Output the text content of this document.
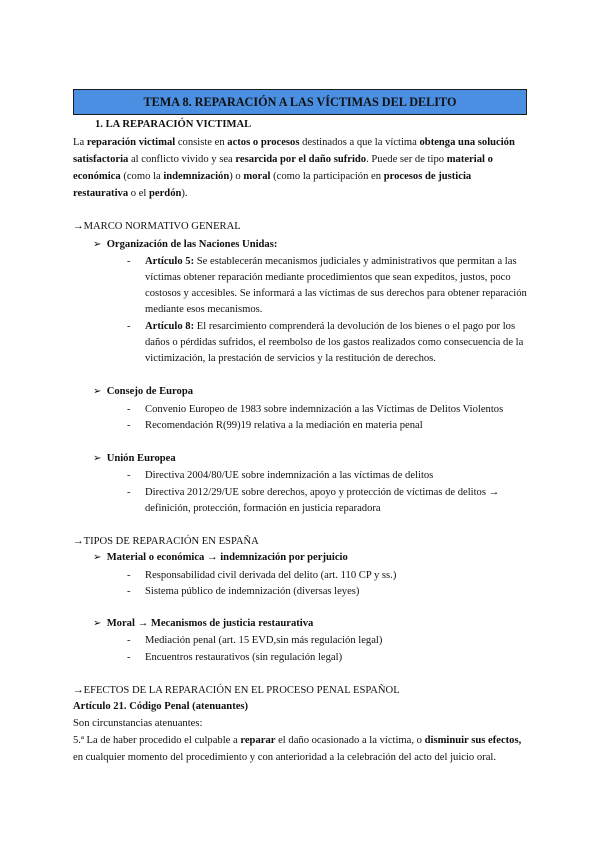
TEMA 8. REPARACIÓN A LAS VÍCTIMAS DEL DELITO
1. LA REPARACIÓN VICTIMAL
La reparación victimal consiste en actos o procesos destinados a que la víctima obtenga una solución
satisfactoria al conflicto vivido y sea resarcida por el daño sufrido. Puede ser de tipo material o
económica (como la indemnización) o moral (como la participación en procesos de justicia
restaurativa o el perdón).
→MARCO NORMATIVO GENERAL
➢ Organización de las Naciones Unidas:
- Artículo 5: Se establecerán mecanismos judiciales y administrativos que permitan a las
víctimas obtener reparación mediante procedimientos que sean expeditos, justos, poco
costosos y accesibles. Se informará a las víctimas de sus derechos para obtener reparación
mediante esos mecanismos.
- Artículo 8: El resarcimiento comprenderá la devolución de los bienes o el pago por los
daños o pérdidas sufridos, el reembolso de los gastos realizados como consecuencia de la
victimización, la prestación de servicios y la restitución de derechos.
➢ Consejo de Europa
- Convenio Europeo de 1983 sobre indemnización a las Víctimas de Delitos Violentos
- Recomendación R(99)19 relativa a la mediación en materia penal
➢ Unión Europea
- Directiva 2004/80/UE sobre indemnización a las víctimas de delitos
- Directiva 2012/29/UE sobre derechos, apoyo y protección de víctimas de delitos →
definición, protección, formación en justicia reparadora
→TIPOS DE REPARACIÓN EN ESPAÑA
➢ Material o económica → indemnización por perjuicio
- Responsabilidad civil derivada del delito (art. 110 CP y ss.)
- Sistema público de indemnización (diversas leyes)
➢ Moral → Mecanismos de justicia restaurativa
- Mediación penal (art. 15 EVD,sin más regulación legal)
- Encuentros restaurativos (sin regulación legal)
→EFECTOS DE LA REPARACIÓN EN EL PROCESO PENAL ESPAÑOL
Artículo 21. Código Penal (atenuantes)
Son circunstancias atenuantes:
5.ª La de haber procedido el culpable a reparar el daño ocasionado a la víctima, o disminuir sus efectos,
en cualquier momento del procedimiento y con anterioridad a la celebración del acto del juicio oral.
